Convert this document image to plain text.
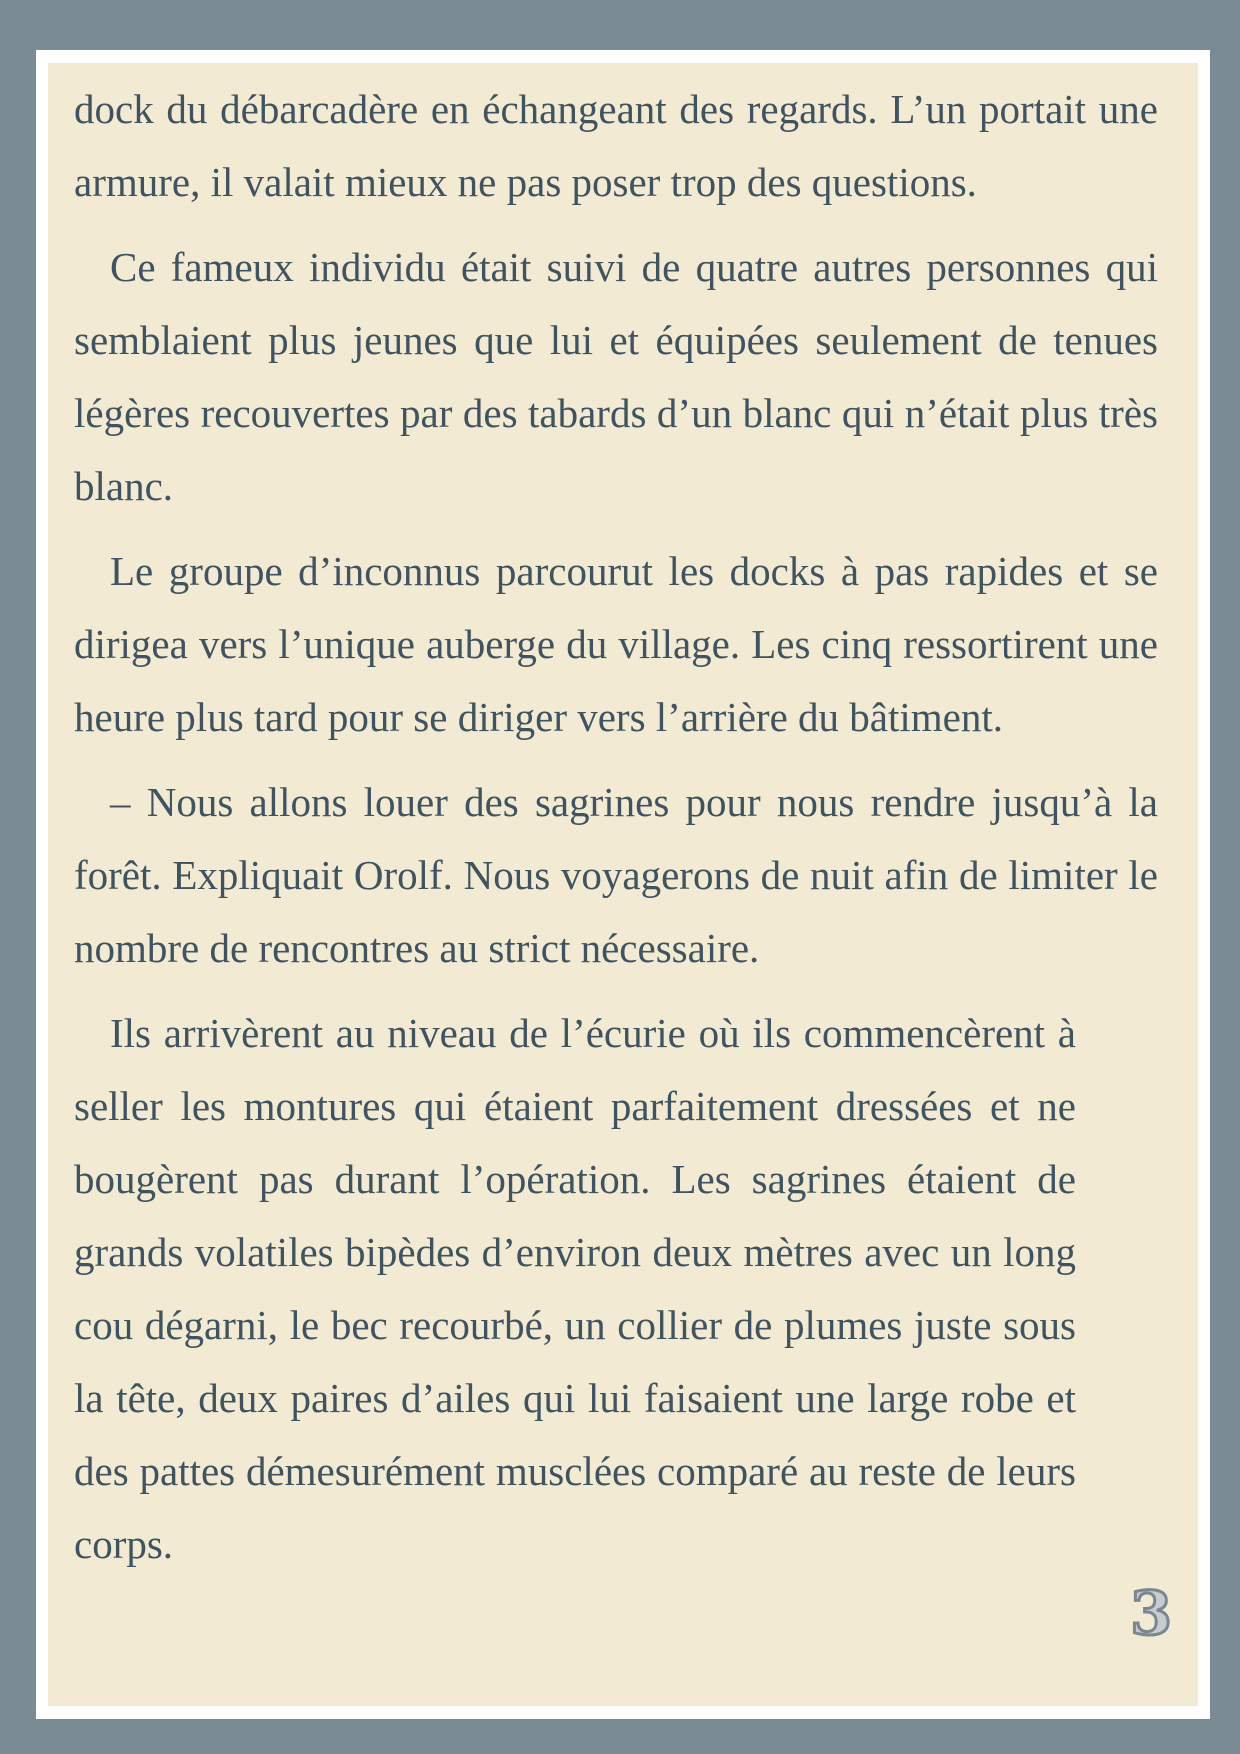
dock du débarcadère en échangeant des regards. L’un portait une armure, il valait mieux ne pas poser trop des questions.

Ce fameux individu était suivi de quatre autres personnes qui semblaient plus jeunes que lui et équipées seulement de tenues légères recouvertes par des tabards d’un blanc qui n’était plus très blanc.

Le groupe d’inconnus parcourut les docks à pas rapides et se dirigea vers l’unique auberge du village. Les cinq ressortirent une heure plus tard pour se diriger vers l’arrière du bâtiment.

– Nous allons louer des sagrines pour nous rendre jusqu’à la forêt. Expliquait Orolf. Nous voyagerons de nuit afin de limiter le nombre de rencontres au strict nécessaire.

Ils arrivèrent au niveau de l’écurie où ils commencèrent à seller les montures qui étaient parfaitement dressées et ne bougèrent pas durant l’opération. Les sagrines étaient de grands volatiles bipèdes d’environ deux mètres avec un long cou dégarni, le bec recourbé, un collier de plumes juste sous la tête, deux paires d’ailes qui lui faisaient une large robe et des pattes démesurément musclées comparé au reste de leurs corps.

3
